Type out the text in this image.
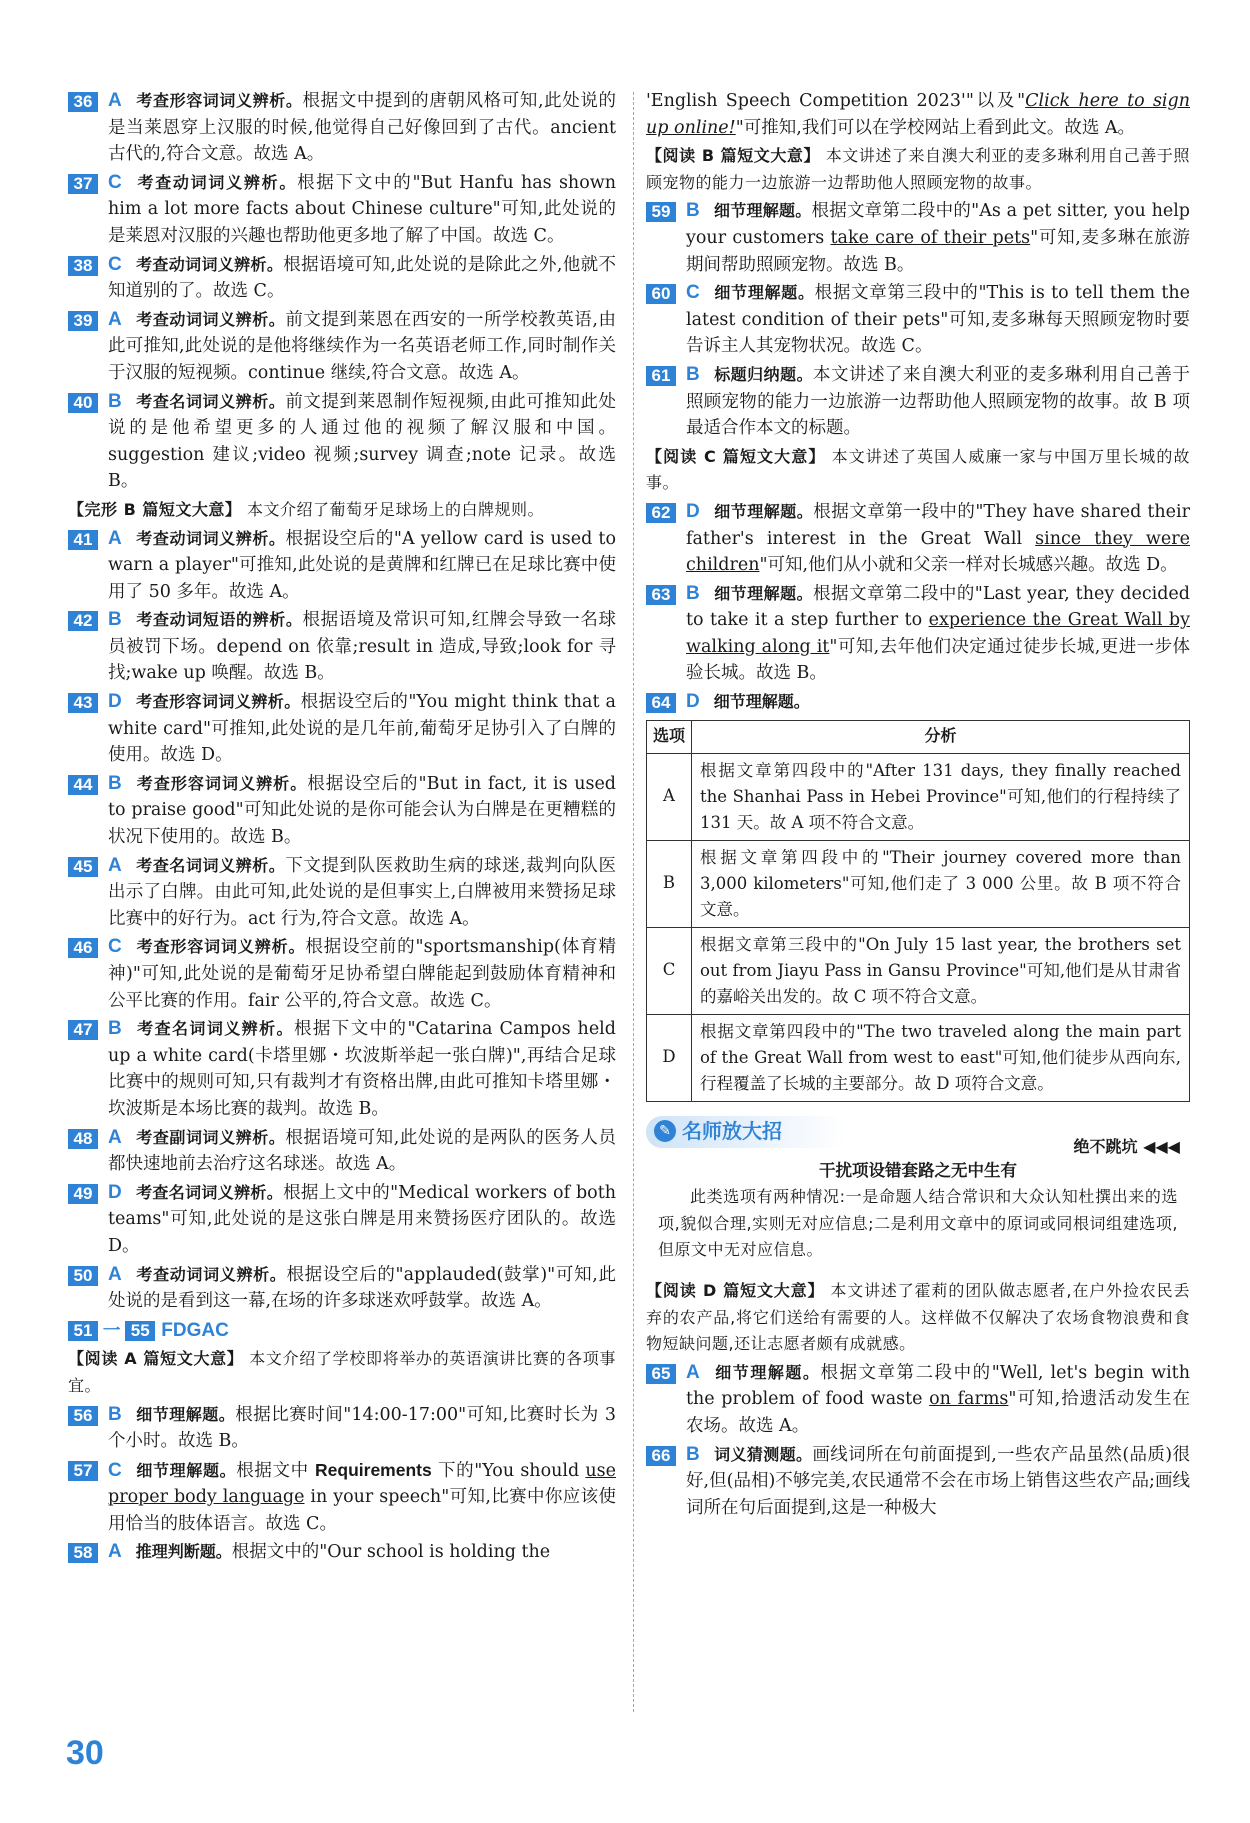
36 A 考查形容词词义辨析。根据文中提到的唐朝风格可知,此处说的是当莱恩穿上汉服的时候,他觉得自己好像回到了古代。ancient 古代的,符合文意。故选 A。
37 C 考查动词词义辨析。根据下文中的"But Hanfu has shown him a lot more facts about Chinese culture"可知,此处说的是莱恩对汉服的兴趣也帮助他更多地了解了中国。故选 C。
38 C 考查动词词义辨析。根据语境可知,此处说的是除此之外,他就不知道别的了。故选 C。
39 A 考查动词词义辨析。前文提到莱恩在西安的一所学校教英语,由此可推知,此处说的是他将继续作为一名英语老师工作,同时制作关于汉服的短视频。continue 继续,符合文意。故选 A。
40 B 考查名词词义辨析。前文提到莱恩制作短视频,由此可推知此处说的是他希望更多的人通过他的视频了解汉服和中国。suggestion 建议;video 视频;survey 调查;note 记录。故选 B。
【完形 B 篇短文大意】 本文介绍了葡萄牙足球场上的白牌规则。
41 A 考查动词词义辨析。根据设空后的"A yellow card is used to warn a player"可推知,此处说的是黄牌和红牌已在足球比赛中使用了 50 多年。故选 A。
42 B 考查动词短语的辨析。根据语境及常识可知,红牌会导致一名球员被罚下场。depend on 依靠;result in 造成,导致;look for 寻找;wake up 唤醒。故选 B。
43 D 考查形容词词义辨析。根据设空后的"You might think that a white card"可推知,此处说的是几年前,葡萄牙足协引入了白牌的使用。故选 D。
44 B 考查形容词词义辨析。根据设空后的"But in fact, it is used to praise good"可知此处说的是你可能会认为白牌是在更糟糕的状况下使用的。故选 B。
45 A 考查名词词义辨析。下文提到队医救助生病的球迷,裁判向队医出示了白牌。由此可知,此处说的是但事实上,白牌被用来赞扬足球比赛中的好行为。act 行为,符合文意。故选 A。
46 C 考查形容词词义辨析。根据设空前的"sportsmanship(体育精神)"可知,此处说的是葡萄牙足协希望白牌能起到鼓励体育精神和公平比赛的作用。fair 公平的,符合文意。故选 C。
47 B 考查名词词义辨析。根据下文中的"Catarina Campos held up a white card(卡塔里娜・坎波斯举起一张白牌)",再结合足球比赛中的规则可知,只有裁判才有资格出牌,由此可推知卡塔里娜・坎波斯是本场比赛的裁判。故选 B。
48 A 考查副词词义辨析。根据语境可知,此处说的是两队的医务人员都快速地前去治疗这名球迷。故选 A。
49 D 考查名词词义辨析。根据上文中的"Medical workers of both teams"可知,此处说的是这张白牌是用来赞扬医疗团队的。故选 D。
50 A 考查动词词义辨析。根据设空后的"applauded(鼓掌)"可知,此处说的是看到这一幕,在场的许多球迷欢呼鼓掌。故选 A。
51 一 55 FDGAC
【阅读 A 篇短文大意】 本文介绍了学校即将举办的英语演讲比赛的各项事宜。
56 B 细节理解题。根据比赛时间"14:00-17:00"可知,比赛时长为 3 个小时。故选 B。
57 C 细节理解题。根据文中 Requirements 下的"You should use proper body language in your speech"可知,比赛中你应该使用恰当的肢体语言。故选 C。
58 A 推理判断题。根据文中的"Our school is holding the
'English Speech Competition 2023'"以及"Click here to sign up online!"可推知,我们可以在学校网站上看到此文。故选 A。
【阅读 B 篇短文大意】 本文讲述了来自澳大利亚的麦多琳利用自己善于照顾宠物的能力一边旅游一边帮助他人照顾宠物的故事。
59 B 细节理解题。根据文章第二段中的"As a pet sitter, you help your customers take care of their pets"可知,麦多琳在旅游期间帮助照顾宠物。故选 B。
60 C 细节理解题。根据文章第三段中的"This is to tell them the latest condition of their pets"可知,麦多琳每天照顾宠物时要告诉主人其宠物状况。故选 C。
61 B 标题归纳题。本文讲述了来自澳大利亚的麦多琳利用自己善于照顾宠物的能力一边旅游一边帮助他人照顾宠物的故事。故 B 项最适合作本文的标题。
【阅读 C 篇短文大意】 本文讲述了英国人威廉一家与中国万里长城的故事。
62 D 细节理解题。根据文章第一段中的"They have shared their father's interest in the Great Wall since they were children"可知,他们从小就和父亲一样对长城感兴趣。故选 D。
63 B 细节理解题。根据文章第二段中的"Last year, they decided to take it a step further to experience the Great Wall by walking along it"可知,去年他们决定通过徒步长城,更进一步体验长城。故选 B。
64 D 细节理解题。
选项	分析
A	根据文章第四段中的"After 131 days, they finally reached the Shanhai Pass in Hebei Province"可知,他们的行程持续了 131 天。故 A 项不符合文意。
B	根据文章第四段中的"Their journey covered more than 3,000 kilometers"可知,他们走了 3 000 公里。故 B 项不符合文意。
C	根据文章第三段中的"On July 15 last year, the brothers set out from Jiayu Pass in Gansu Province"可知,他们是从甘肃省的嘉峪关出发的。故 C 项不符合文意。
D	根据文章第四段中的"The two traveled along the main part of the Great Wall from west to east"可知,他们徒步从西向东,行程覆盖了长城的主要部分。故 D 项符合文意。
✎ 名师放大招
绝不跳坑 ◀◀◀
干扰项设错套路之无中生有
此类选项有两种情况:一是命题人结合常识和大众认知杜撰出来的选项,貌似合理,实则无对应信息;二是利用文章中的原词或同根词组建选项,但原文中无对应信息。
【阅读 D 篇短文大意】 本文讲述了霍莉的团队做志愿者,在户外捡农民丢弃的农产品,将它们送给有需要的人。这样做不仅解决了农场食物浪费和食物短缺问题,还让志愿者颇有成就感。
65 A 细节理解题。根据文章第二段中的"Well, let's begin with the problem of food waste on farms"可知,拾遗活动发生在农场。故选 A。
66 B 词义猜测题。画线词所在句前面提到,一些农产品虽然(品质)很好,但(品相)不够完美,农民通常不会在市场上销售这些农产品;画线词所在句后面提到,这是一种极大
30
